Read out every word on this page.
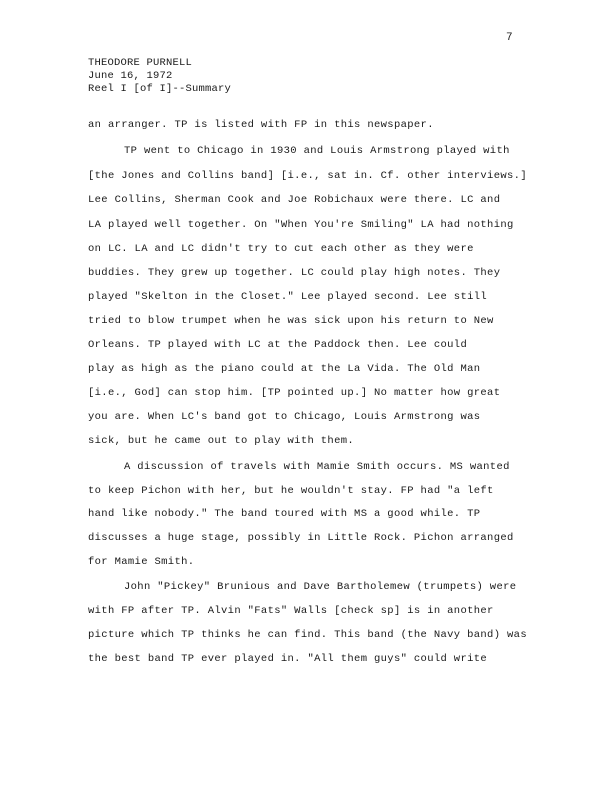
7
THEODORE PURNELL
June 16, 1972
Reel I [of I]--Summary
an arranger. TP is listed with FP in this newspaper.
TP went to Chicago in 1930 and Louis Armstrong played with
[the Jones and Collins band] [i.e., sat in. Cf. other interviews.]
Lee Collins, Sherman Cook and Joe Robichaux were there. LC and
LA played well together. On "When You're Smiling" LA had nothing
on LC. LA and LC didn't try to cut each other as they were
buddies. They grew up together. LC could play high notes. They
played "Skelton in the Closet." Lee played second. Lee still
tried to blow trumpet when he was sick upon his return to New
Orleans. TP played with LC at the Paddock then. Lee could
play as high as the piano could at the La Vida. The Old Man
[i.e., God] can stop him. [TP pointed up.] No matter how great
you are. When LC's band got to Chicago, Louis Armstrong was
sick, but he came out to play with them.
A discussion of travels with Mamie Smith occurs. MS wanted
to keep Pichon with her, but he wouldn't stay. FP had "a left
hand like nobody." The band toured with MS a good while. TP
discusses a huge stage, possibly in Little Rock. Pichon arranged
for Mamie Smith.
John "Pickey" Brunious and Dave Bartholemew (trumpets) were
with FP after TP. Alvin "Fats" Walls [check sp] is in another
picture which TP thinks he can find. This band (the Navy band) was
the best band TP ever played in. "All them guys" could write
